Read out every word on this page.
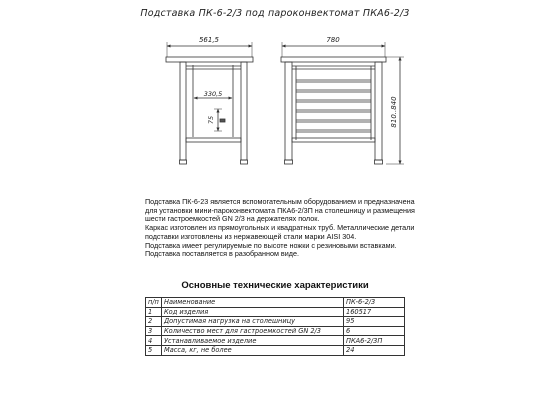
Подставка ПК-6-2/3 под пароконвектомат ПКА6-2/3
561,5
330,5
75
780
810..840

Подставка ПК-6-23 является вспомогательным оборудованием и предназначена для установки мини-пароконвектомата ПКА6-2/3П на столешницу и размещения шести гастроемкостей GN 2/3 на держателях полок.

Каркас изготовлен из прямоугольных и квадратных труб. Металлические детали подставки изготовлены из нержавеющей стали марки AISI 304.

Подставка имеет регулируемые по высоте ножки с резиновыми вставками.

Подставка поставляется в разобранном виде.

Основные технические характеристики
п/п	Наименование	ПК-6-2/3
1	Код изделия	160517
2	Допустимая нагрузка на столешницу	95
3	Количество мест для гастроемкостей GN 2/3	6
4	Устанавливаемое изделие	ПКА6-2/3П
5	Масса, кг, не более	24
